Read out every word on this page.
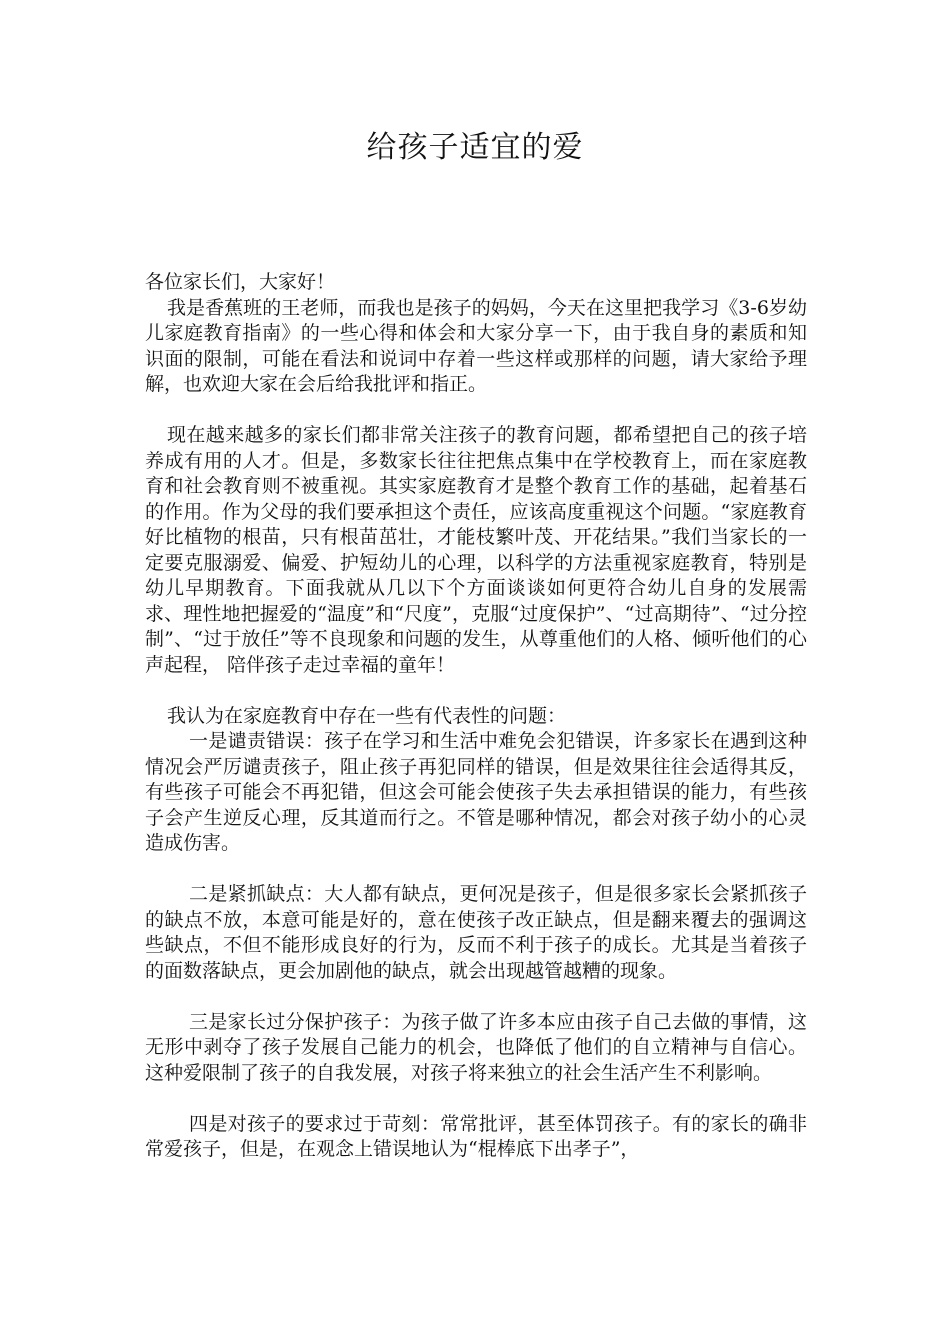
给孩子适宜的爱

各位家长们，大家好！

我是香蕉班的王老师，而我也是孩子的妈妈，今天在这里把我学习《3-6岁幼儿家庭教育指南》的一些心得和体会和大家分享一下，由于我自身的素质和知识面的限制，可能在看法和说词中存着一些这样或那样的问题，请大家给予理解，也欢迎大家在会后给我批评和指正。

现在越来越多的家长们都非常关注孩子的教育问题，都希望把自己的孩子培养成有用的人才。但是，多数家长往往把焦点集中在学校教育上，而在家庭教育和社会教育则不被重视。其实家庭教育才是整个教育工作的基础，起着基石的作用。作为父母的我们要承担这个责任，应该高度重视这个问题。“家庭教育好比植物的根苗，只有根苗茁壮，才能枝繁叶茂、开花结果。”我们当家长的一定要克服溺爱、偏爱、护短幼儿的心理，以科学的方法重视家庭教育，特别是幼儿早期教育。下面我就从几以下个方面谈谈如何更符合幼儿自身的发展需求、理性地把握爱的“温度”和“尺度”，克服“过度保护”、“过高期待”、“过分控制”、“过于放任”等不良现象和问题的发生，从尊重他们的人格、倾听他们的心声起程， 陪伴孩子走过幸福的童年！

我认为在家庭教育中存在一些有代表性的问题：

一是谴责错误：孩子在学习和生活中难免会犯错误，许多家长在遇到这种情况会严厉谴责孩子，阻止孩子再犯同样的错误，但是效果往往会适得其反，有些孩子可能会不再犯错，但这会可能会使孩子失去承担错误的能力，有些孩子会产生逆反心理，反其道而行之。不管是哪种情况，都会对孩子幼小的心灵造成伤害。

二是紧抓缺点：大人都有缺点，更何况是孩子，但是很多家长会紧抓孩子的缺点不放，本意可能是好的，意在使孩子改正缺点，但是翻来覆去的强调这些缺点，不但不能形成良好的行为，反而不利于孩子的成长。尤其是当着孩子的面数落缺点，更会加剧他的缺点，就会出现越管越糟的现象。

三是家长过分保护孩子：为孩子做了许多本应由孩子自己去做的事情，这无形中剥夺了孩子发展自己能力的机会，也降低了他们的自立精神与自信心。这种爱限制了孩子的自我发展，对孩子将来独立的社会生活产生不利影响。

四是对孩子的要求过于苛刻：常常批评，甚至体罚孩子。有的家长的确非常爱孩子，但是，在观念上错误地认为“棍棒底下出孝子”，
